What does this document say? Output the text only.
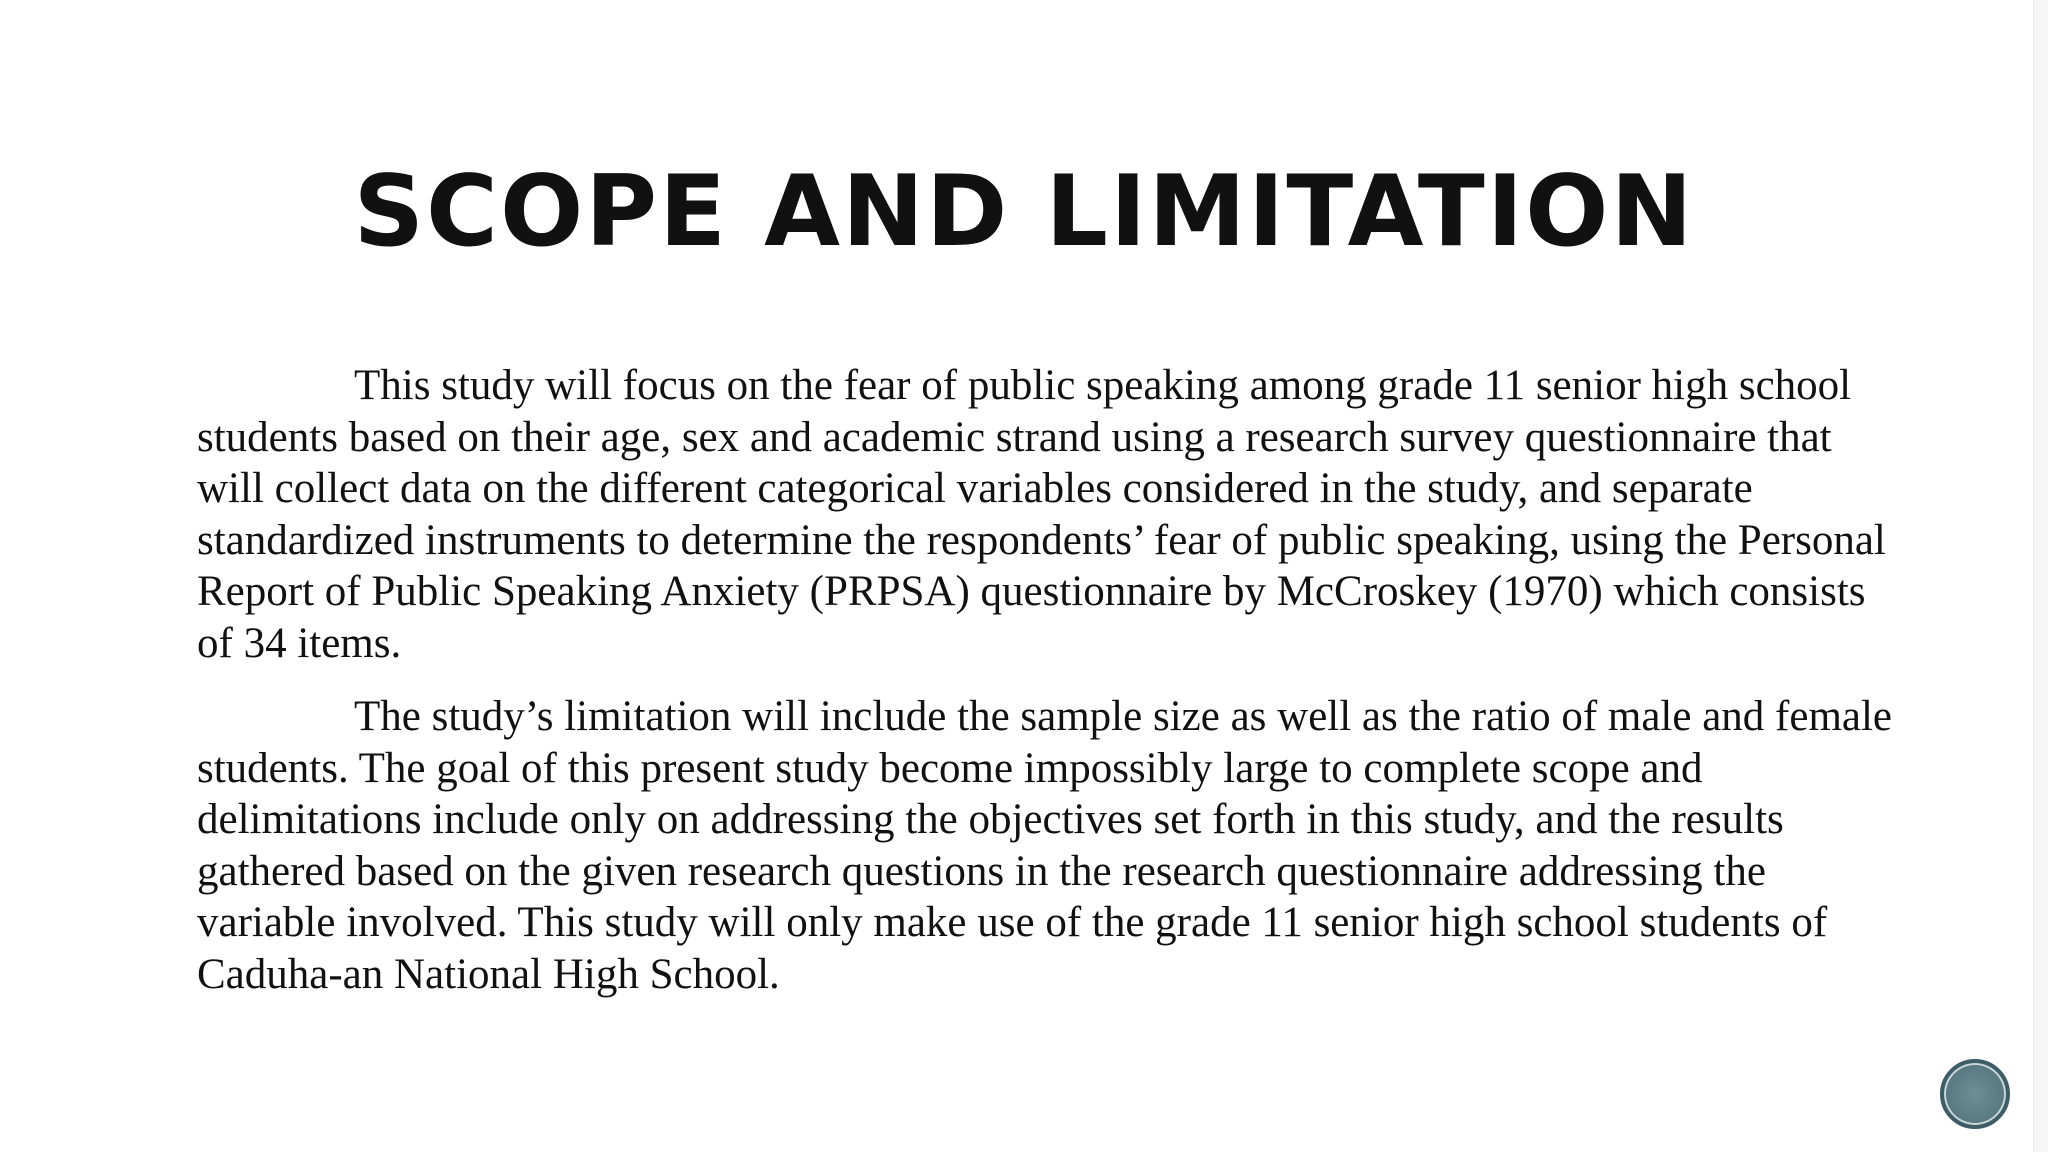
SCOPE AND LIMITATION

This study will focus on the fear of public speaking among grade 11 senior high school students based on their age, sex and academic strand using a research survey questionnaire that will collect data on the different categorical variables considered in the study, and separate standardized instruments to determine the respondents’ fear of public speaking, using the Personal Report of Public Speaking Anxiety (PRPSA) questionnaire by McCroskey (1970) which consists of 34 items.

The study’s limitation will include the sample size as well as the ratio of male and female students. The goal of this present study become impossibly large to complete scope and delimitations include only on addressing the objectives set forth in this study, and the results gathered based on the given research questions in the research questionnaire addressing the variable involved. This study will only make use of the grade 11 senior high school students of Caduha-an National High School.
